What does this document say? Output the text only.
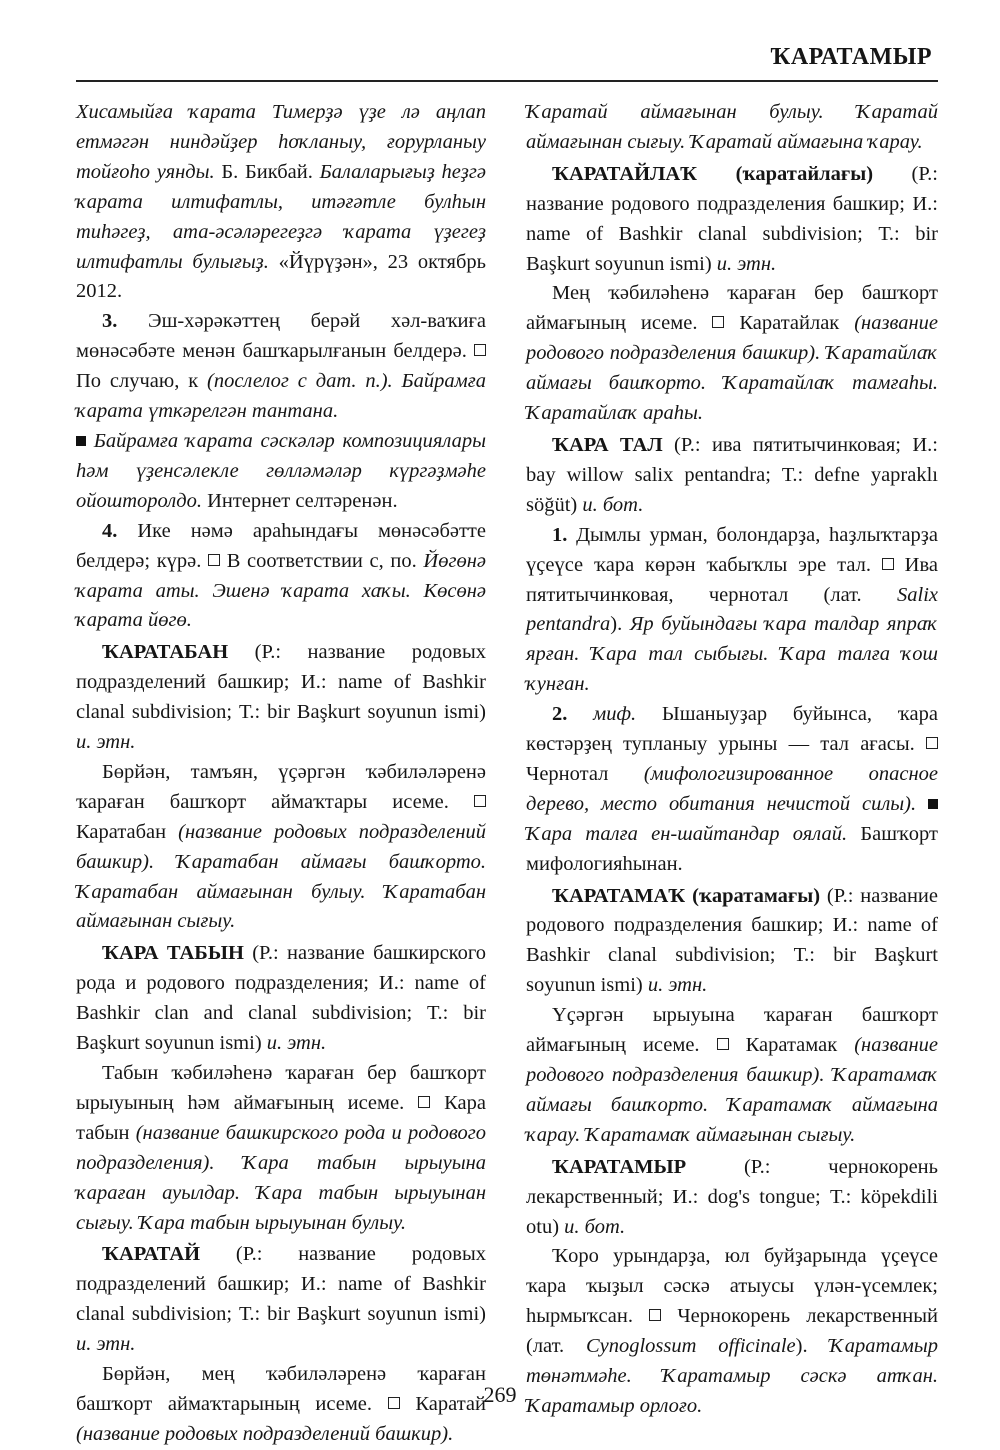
ҠАРАТАМЫР

Хисамыйға ҡарата Тимерҙә үҙе лә аңлап етмәгән ниндәйҙер һоҡланыу, ғорурланыу тойғоһо уянды. Б. Бикбай. Балаларығыҙ һеҙгә ҡарата илтифатлы, итәғәтле булһын тиһәгеҙ, ата-әсәләрегеҙгә ҡарата үҙегеҙ илтифатлы булығыҙ. «Йүрүҙән», 23 октябрь 2012.

3. Эш-хәрәкәттең берәй хәл-ваҡиға мөнәсәбәте менән башҡарылғанын белдерә.  По случаю, к (послелог с дат. п.). Байрамға ҡарата үткәрелгән тантана.
Байрамға ҡарата сәскәләр композициялары һәм үҙенсәлекле гөлләмәләр күргәҙмәһе ойошторолдо. Интернет селтәренән.

4. Ике нәмә араһындағы мөнәсәбәтте белдерә; күрә.  В соответствии с, по. Йөгөнә ҡарата аты. Эшенә ҡарата хаҡы. Көсөнә ҡарата йөгө.

ҠАРАТАБАН (Р.: название родовых подразделений башкир; И.: name of Bashkir clanal subdivision; Т.: bir Başkurt soyunun ismi) и. этн.

Бөрйән, тамъян, үҫәргән ҡәбиләләренә ҡараған башҡорт аймаҡтары исеме.  Каратабан (название родовых подразделений башкир). Ҡаратабан аймағы башҡорто. Ҡаратабан аймағынан булыу. Ҡаратабан аймағынан сығыу.

ҠАРА ТАБЫН (Р.: название башкирского рода и родового подразделения; И.: name of Bashkir clan and clanal subdivision; Т.: bir Başkurt soyunun ismi) и. этн.

Табын ҡәбиләһенә ҡараған бер башҡорт ырыуының һәм аймағының исеме.  Кара табын (название башкирского рода и родового подразделения). Ҡара табын ырыуына ҡараған ауылдар. Ҡара табын ырыуынан сығыу. Ҡара табын ырыуынан булыу.

ҠАРАТАЙ (Р.: название родовых подразделений башкир; И.: name of Bashkir clanal subdivision; Т.: bir Başkurt soyunun ismi) и. этн.

Бөрйән, мең ҡәбиләләренә ҡараған башҡорт аймаҡтарының исеме.  Каратай (название родовых подразделений башкир).

Ҡаратай аймағынан булыу. Ҡаратай аймағынан сығыу. Ҡаратай аймағына ҡарау.

ҠАРАТАЙЛАҠ (ҡаратайлағы) (Р.: название родового подразделения башкир; И.: name of Bashkir clanal subdivision; Т.: bir Başkurt soyunun ismi) и. этн.

Мең ҡәбиләһенә ҡараған бер башҡорт аймағының исеме.  Каратайлак (название родового подразделения башкир). Ҡаратайлаҡ аймағы башҡорто. Ҡаратайлаҡ тамғаһы. Ҡаратайлаҡ араһы.

ҠАРА ТАЛ (Р.: ива пятитычинковая; И.: bay willow salix pentandra; Т.: defne yapraklı söğüt) и. бот.

1. Дымлы урман, болондарҙа, һаҙлыҡтарҙа үҫеүсе ҡара көрән ҡабыҡлы эре тал.  Ива пятитычинковая, чернотал (лат. Salix pentandra). Яр буйындағы ҡара талдар япраҡ ярған. Ҡара тал сыбығы. Ҡара талға ҡош ҡунған.

2. миф. Ышаныуҙар буйынса, ҡара көстәрҙең тупланыу урыны — тал ағасы.  Чернотал (мифологизированное опасное дерево, место обитания нечистой силы).  Ҡара талға ен-шайтандар оялай. Башҡорт мифологияһынан.

ҠАРАТАМАҠ (ҡаратамағы) (Р.: название родового подразделения башкир; И.: name of Bashkir clanal subdivision; Т.: bir Başkurt soyunun ismi) и. этн.

Үҫәргән ырыуына ҡараған башҡорт аймағының исеме.  Каратамак (название родового подразделения башкир). Ҡаратамаҡ аймағы башҡорто. Ҡаратамаҡ аймағына ҡарау. Ҡаратамаҡ аймағынан сығыу.

ҠАРАТАМЫР (Р.: чернокорень лекарственный; И.: dog's tongue; Т.: köpekdili otu) и. бот.

Ҡоро урындарҙа, юл буйҙарында үҫеүсе ҡара ҡыҙыл сәскә атыусы үлән-үсемлек; һырмыҡсан.  Чернокорень лекарственный (лат. Cynoglossum officinale). Ҡаратамыр төнәтмәһе. Ҡаратамыр сәскә атҡан. Ҡаратамыр орлоғо.

269
